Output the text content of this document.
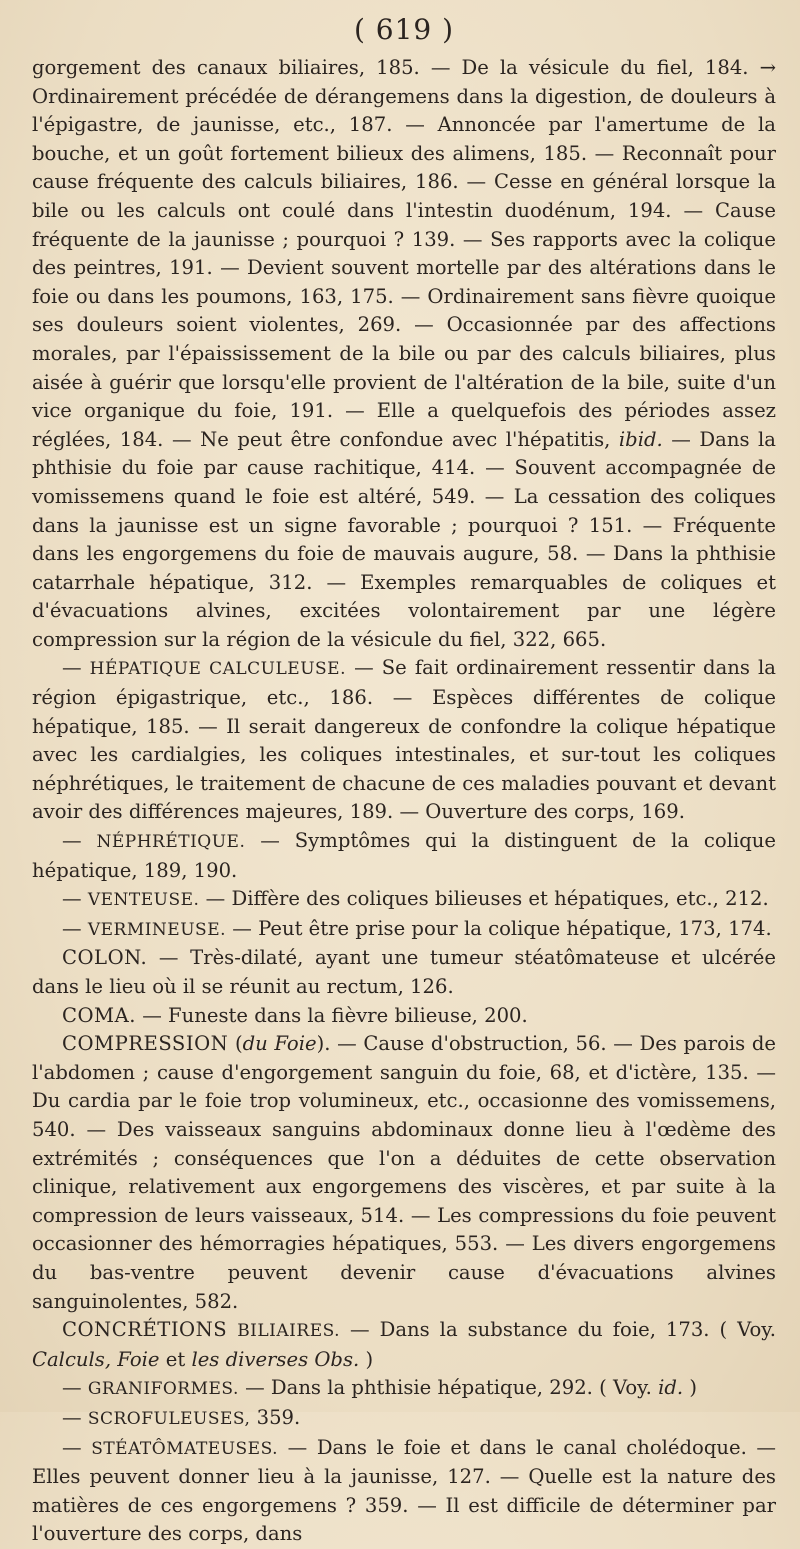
( 619 )

gorgement des canaux biliaires, 185. — De la vésicule du fiel, 184. → Ordinairement précédée de dérangemens dans la digestion, de douleurs à l'épigastre, de jaunisse, etc., 187. — Annoncée par l'amertume de la bouche, et un goût fortement bilieux des alimens, 185. — Reconnaît pour cause fréquente des calculs biliaires, 186. — Cesse en général lorsque la bile ou les calculs ont coulé dans l'intestin duodénum, 194. — Cause fréquente de la jaunisse ; pourquoi ? 139. — Ses rapports avec la colique des peintres, 191. — Devient souvent mortelle par des altérations dans le foie ou dans les poumons, 163, 175. — Ordinairement sans fièvre quoique ses douleurs soient violentes, 269. — Occasionnée par des affections morales, par l'épaississement de la bile ou par des calculs biliaires, plus aisée à guérir que lorsqu'elle provient de l'altération de la bile, suite d'un vice organique du foie, 191. — Elle a quelquefois des périodes assez réglées, 184. — Ne peut être confondue avec l'hépatitis, ibid. — Dans la phthisie du foie par cause rachitique, 414. — Souvent accompagnée de vomissemens quand le foie est altéré, 549. — La cessation des coliques dans la jaunisse est un signe favorable ; pourquoi ? 151. — Fréquente dans les engorgemens du foie de mauvais augure, 58. — Dans la phthisie catarrhale hépatique, 312. — Exemples remarquables de coliques et d'évacuations alvines, excitées volontairement par une légère compression sur la région de la vésicule du fiel, 322, 665.

— HÉPATIQUE CALCULEUSE. — Se fait ordinairement ressentir dans la région épigastrique, etc., 186. — Espèces différentes de colique hépatique, 185. — Il serait dangereux de confondre la colique hépatique avec les cardialgies, les coliques intestinales, et sur-tout les coliques néphrétiques, le traitement de chacune de ces maladies pouvant et devant avoir des différences majeures, 189. — Ouverture des corps, 169.

— NÉPHRÉTIQUE. — Symptômes qui la distinguent de la colique hépatique, 189, 190.

— VENTEUSE. — Diffère des coliques bilieuses et hépatiques, etc., 212.

— VERMINEUSE. — Peut être prise pour la colique hépatique, 173, 174.

COLON. — Très-dilaté, ayant une tumeur stéatômateuse et ulcérée dans le lieu où il se réunit au rectum, 126.

COMA. — Funeste dans la fièvre bilieuse, 200.

COMPRESSION (du Foie). — Cause d'obstruction, 56. — Des parois de l'abdomen ; cause d'engorgement sanguin du foie, 68, et d'ictère, 135. — Du cardia par le foie trop volumineux, etc., occasionne des vomissemens, 540. — Des vaisseaux sanguins abdominaux donne lieu à l'œdème des extrémités ; conséquences que l'on a déduites de cette observation clinique, relativement aux engorgemens des viscères, et par suite à la compression de leurs vaisseaux, 514. — Les compressions du foie peuvent occasionner des hémorragies hépatiques, 553. — Les divers engorgemens du bas-ventre peuvent devenir cause d'évacuations alvines sanguinolentes, 582.

CONCRÉTIONS BILIAIRES. — Dans la substance du foie, 173. ( Voy. Calculs, Foie et les diverses Obs. )

— GRANIFORMES. — Dans la phthisie hépatique, 292. ( Voy. id. )

— SCROFULEUSES, 359.

— STÉATÔMATEUSES. — Dans le foie et dans le canal cholédoque. — Elles peuvent donner lieu à la jaunisse, 127. — Quelle est la nature des matières de ces engorgemens ? 359. — Il est difficile de déterminer par l'ouverture des corps, dans
